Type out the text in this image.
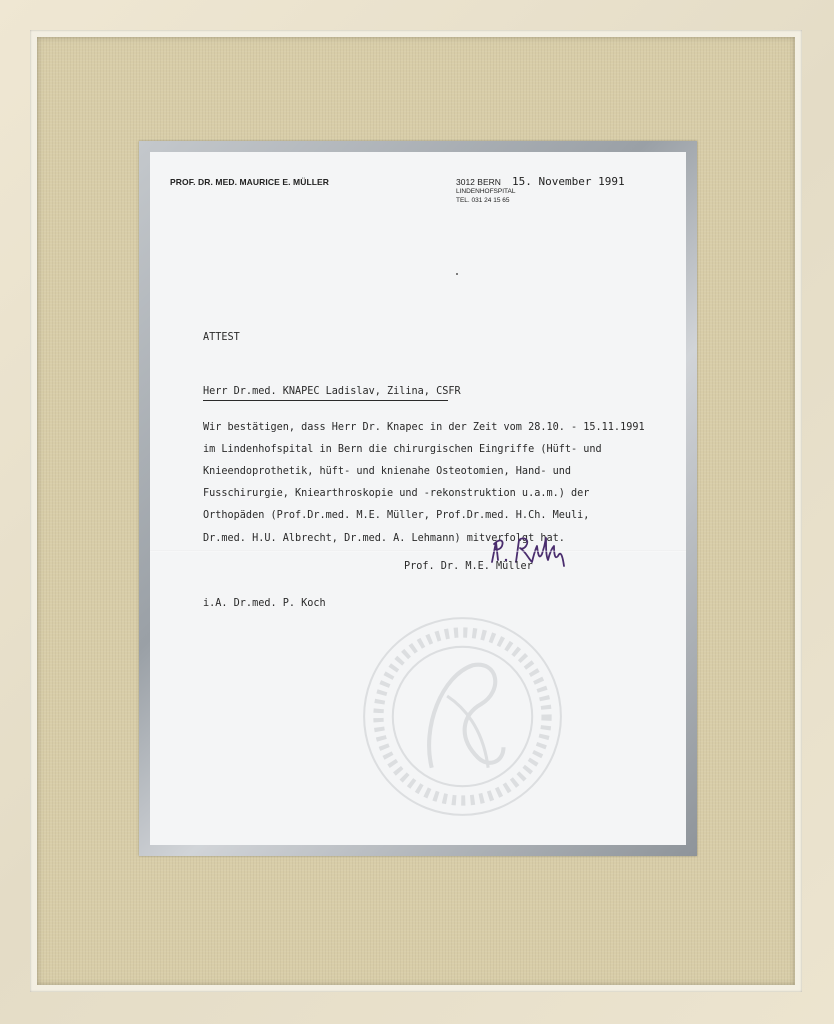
PROF. DR. MED. MAURICE E. MÜLLER	3012 BERN
LINDENHOFSPITAL
TEL. 031 24 15 65
15. November 1991
ATTEST
Herr Dr.med. KNAPEC Ladislav, Zilina, CSFR
Wir bestätigen, dass Herr Dr. Knapec in der Zeit vom 28.10. - 15.11.1991
im Lindenhofspital in Bern die chirurgischen Eingriffe (Hüft- und
Knieendoprothetik, hüft- und knienahe Osteotomien, Hand- und
Fusschirurgie, Kniearthroskopie und -rekonstruktion u.a.m.) der
Orthopäden (Prof.Dr.med. M.E. Müller, Prof.Dr.med. H.Ch. Meuli,
Dr.med. H.U. Albrecht, Dr.med. A. Lehmann) mitverfolgt hat.
Prof. Dr. M.E. Müller
i.A. Dr.med. P. Koch
